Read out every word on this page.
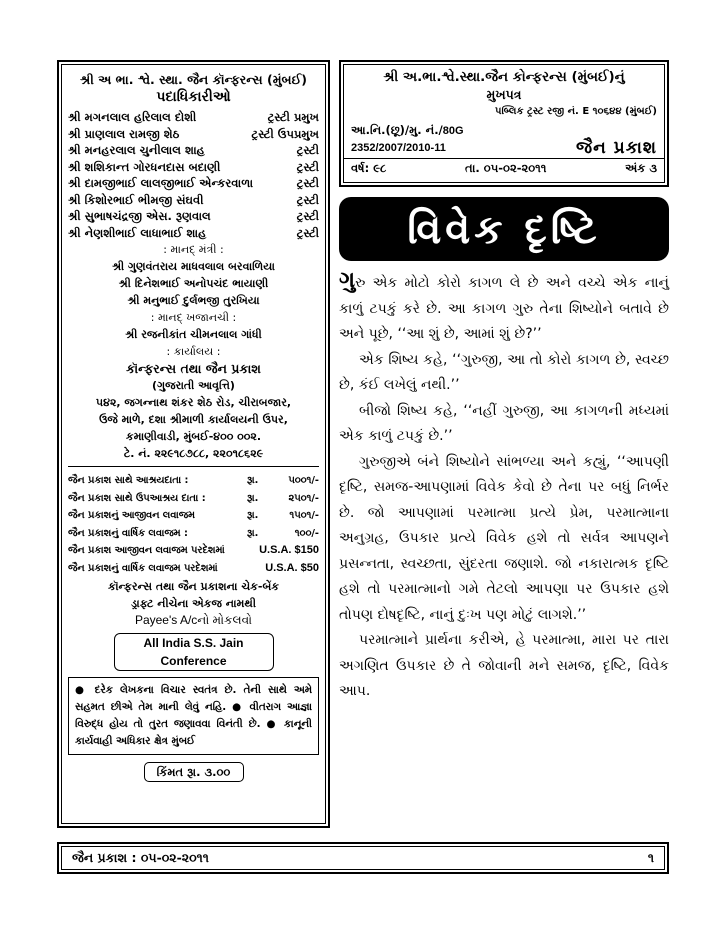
શ્રી અ ભા. શ્વે. સ્થા. જૈન કૉન્ફરન્સ (મુંબઈ)
પદાધિકારીઓ
શ્રી મગનલાલ હરિલાલ દોશી	ટ્રસ્ટી પ્રમુખ
શ્રી પ્રાણલાલ રામજી શેઠ	ટ્રસ્ટી ઉપપ્રમુખ
શ્રી મનહરલાલ ચુનીલાલ શાહ	ટ્રસ્ટી
શ્રી શશિકાન્ત ગોરધનદાસ બદાણી	ટ્રસ્ટી
શ્રી દામજીભાઈ લાલજીભાઈ એન્કરવાળા	ટ્રસ્ટી
શ્રી કિશોરભાઈ ભીમજી સંઘવી	ટ્રસ્ટી
શ્રી સુભાષચંદ્રજી એસ. રૂણવાલ	ટ્રસ્ટી
શ્રી નેણશીભાઈ લાધાભાઈ શાહ	ટ્રસ્ટી
: માનદ્ મંત્રી :
શ્રી ગુણવંતરાય માધવલાલ બરવાળિયા
શ્રી દિનેશભાઈ અનોપચંદ ભાયાણી
શ્રી મનુભાઈ દુર્લભજી તુરખિયા
: માનદ્ ખજાનચી :
શ્રી રજનીકાંત ચીમનલાલ ગાંધી
: કાર્યાલય :
કૉન્ફરન્સ તથા જૈન પ્રકાશ
(ગુજરાતી આવૃત્તિ)
૫૪૨, જગન્નાથ શંકર શેઠ રોડ, ચીરાબજાર,
ઉજે માળે, દશા શ્રીમાળી કાર્યાલયની ઉપર,
કમાણીવાડી, મુંબઈ-૪૦૦ ૦૦૨.
ટે. નં. ૨૨૯૧૮૭૮૮, ૨૨૦૧૮૬૨૯
જૈન પ્રકાશ સાથે આશ્રયદાતા :	રૂા.	૫૦૦૧/-
જૈન પ્રકાશ સાથે ઉપઆશ્રય દાતા :	રૂા.	૨૫૦૧/-
જૈન પ્રકાશનું આજીવન લવાજમ	રૂા.	૧૫૦૧/-
જૈન પ્રકાશનું વાર્ષિક લવાજમ :	રૂા.	૧૦૦/-
જૈન પ્રકાશ આજીવન લવાજમ પરદેશમાં	U.S.A. $150
જૈન પ્રકાશનું વાર્ષિક લવાજમ પરદેશમાં	U.S.A. $50
કૉન્ફરન્સ તથા જૈન પ્રકાશના ચેક-બેંક
ડ્રાફ્ટ નીચેના એકજ નામથી
Payee's A/cનો મોકલવો
All India S.S. Jain Conference
● દરેક લેખકના વિચાર સ્વતંત્ર છે. તેની સાથે અમે સહમત છીએ તેમ માની લેવું નહિ. ● વીતરાગ આજ્ઞા વિરુદ્ધ હોય તો તુરત જણાવવા વિનંતી છે. ● કાનૂની કાર્યવાહી અધિકાર ક્ષેત્ર મુંબઈ
કિંમત રૂા. ૩.૦૦
શ્રી અ.ભા.શ્વે.સ્થા.જૈન કોન્ફરન્સ (મુંબઈ)નું
મુખપત્ર
પબ્લિક ટ્રસ્ટ રજી નં. E ૧૦૬૪૪ (મુંબઈ)
આ.નિ.(છૂ)/મુ. નં./80G
2352/2007/2010-11	જૈન પ્રકાશ
વર્ષ: ૯૮	તા. ૦૫-૦૨-૨૦૧૧	અંક ૩
વિવેક દૃષ્ટિ

ગુરુ એક મોટો કોરો કાગળ લે છે અને વચ્ચે એક નાનું કાળું ટપકું કરે છે. આ કાગળ ગુરુ તેના શિષ્યોને બતાવે છે અને પૂછે, ‘‘આ શું છે, આમાં શું છે?’’

એક શિષ્ય કહે, ‘‘ગુરુજી, આ તો કોરો કાગળ છે, સ્વચ્છ છે, કંઈ લખેલું નથી.’’

બીજો શિષ્ય કહે, ‘‘નહીં ગુરુજી, આ કાગળની મધ્યમાં એક કાળું ટપકું છે.’’

ગુરુજીએ બંને શિષ્યોને સાંભળ્યા અને કહ્યું, ‘‘આપણી દૃષ્ટિ, સમજ-આપણામાં વિવેક કેવો છે તેના પર બધું નિર્ભર છે. જો આપણામાં પરમાત્મા પ્રત્યે પ્રેમ, પરમાત્માના અનુગ્રહ, ઉપકાર પ્રત્યે વિવેક હશે તો સર્વત્ર આપણને પ્રસન્નતા, સ્વચ્છતા, સુંદરતા જણાશે. જો નકારાત્મક દૃષ્ટિ હશે તો પરમાત્માનો ગમે તેટલો આપણા પર ઉપકાર હશે તોપણ દોષદૃષ્ટિ, નાનું દુઃખ પણ મોટું લાગશે.’’

પરમાત્માને પ્રાર્થના કરીએ, હે પરમાત્મા, મારા પર તારા અગણિત ઉપકાર છે તે જોવાની મને સમજ, દૃષ્ટિ, વિવેક આપ.

જૈન પ્રકાશ : ૦૫-૦૨-૨૦૧૧	૧
